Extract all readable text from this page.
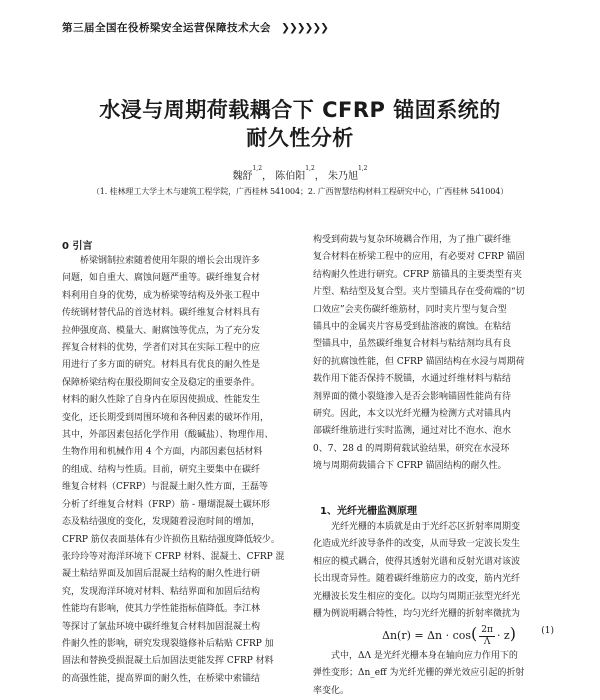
第三届全国在役桥梁安全运营保障技术大会 ❯❯❯❯❯❯
水浸与周期荷载耦合下 CFRP 锚固系统的
耐久性分析
魏舒$^{1,2}$， 陈伯阳$^{1,2}$， 朱乃旭$^{1,2}$
（1. 桂林理工大学土木与建筑工程学院，广西桂林 541004；2. 广西智慧结构材料工程研究中心，广西桂林 541004）
0 引言
桥梁钢制拉索随着使用年限的增长会出现许多
问题，如自重大、腐蚀问题严重等。碳纤维复合材
料利用自身的优势，成为桥梁等结构及外张工程中
传统钢材替代品的首选材料。碳纤维复合材料具有
拉伸强度高、模量大、耐腐蚀等优点，为了充分发
挥复合材料的优势，学者们对其在实际工程中的应
用进行了多方面的研究。材料具有优良的耐久性是
保障桥梁结构在服役期间安全及稳定的重要条件。
材料的耐久性除了自身内在原因使损成、性能发生
变化，还长期受到周围环境和各种因素的破坏作用，
其中，外部因素包括化学作用（酸碱盐）、物理作用、
生物作用和机械作用 4 个方面，内部因素包括材料
的组成、结构与性质。目前，研究主要集中在碳纤
维复合材料（CFRP）与混凝土耐久性方面，王磊等
分析了纤维复合材料（FRP）筋 - 珊瑚混凝土碳环形
态及粘结强度的变化，发现随着浸泡时间的增加，
CFRP 筋仅表面基体有少许损伤且粘结强度降低较少。
张玲玲等对海洋环境下 CFRP 材料、混凝土、CFRP 混
凝土粘结界面及加固后混凝土结构的耐久性进行研
究，发现海洋环境对材料、粘结界面和加固后结构
性能均有影响，使其力学性能指标值降低。李江林
等探讨了氯盐环境中碳纤维复合材料加固混凝土构
件耐久性的影响，研究发现裂缝修补后粘贴 CFRP 加
固法和替换受损混凝土后加固法更能发挥 CFRP 材料
的高强性能，提高界面的耐久性，在桥梁中索锚结
构受到荷载与复杂环境耦合作用，为了推广碳纤维
复合材料在桥梁工程中的应用，有必要对 CFRP 锚固
结构耐久性进行研究。CFRP 筋锚具的主要类型有夹
片型、粘结型及复合型。夹片型锚具存在受荷端的“切
口效应”会夹伤碳纤维筋材，同时夹片型与复合型
锚具中的金属夹片容易受到盐溶液的腐蚀。在粘结
型锚具中，虽然碳纤维复合材料与粘结剂均具有良
好的抗腐蚀性能，但 CFRP 锚固结构在水浸与周期荷
载作用下能否保持不脱锚，水通过纤维材料与粘结
剂界面的微小裂缝渗入是否会影响锚固性能尚有待
研究。因此，本文以光纤光栅为检测方式对锚具内
部碳纤维筋进行实时监测，通过对比不泡水、泡水
0、7、28 d 的周期荷载试验结果，研究在水浸环
境与周期荷载锚合下 CFRP 锚固结构的耐久性。
1、光纤光栅监测原理
光纤光栅的本质就是由于光纤芯区折射率周期变
化造成光纤波导条件的改变，从而导致一定波长发生
相应的模式耦合，使得其透射光谱和反射光谱对该波
长出现奇异性。随着碳纤维筋应力的改变，筋内光纤
光栅波长发生相应的变化。以均匀周期正弦型光纤光
栅为例说明耦合特性，均匀光纤光栅的折射率微扰为
$\Delta n(r) = \Delta n \cdot \cos( \frac{2\pi}{\Lambda} \cdot z)$	(1)
式中，ΔΛ 是光纤光栅本身在轴向应力作用下的
弹性变形；Δn_eff 为光纤光栅的弹光效应引起的折射
率变化。
